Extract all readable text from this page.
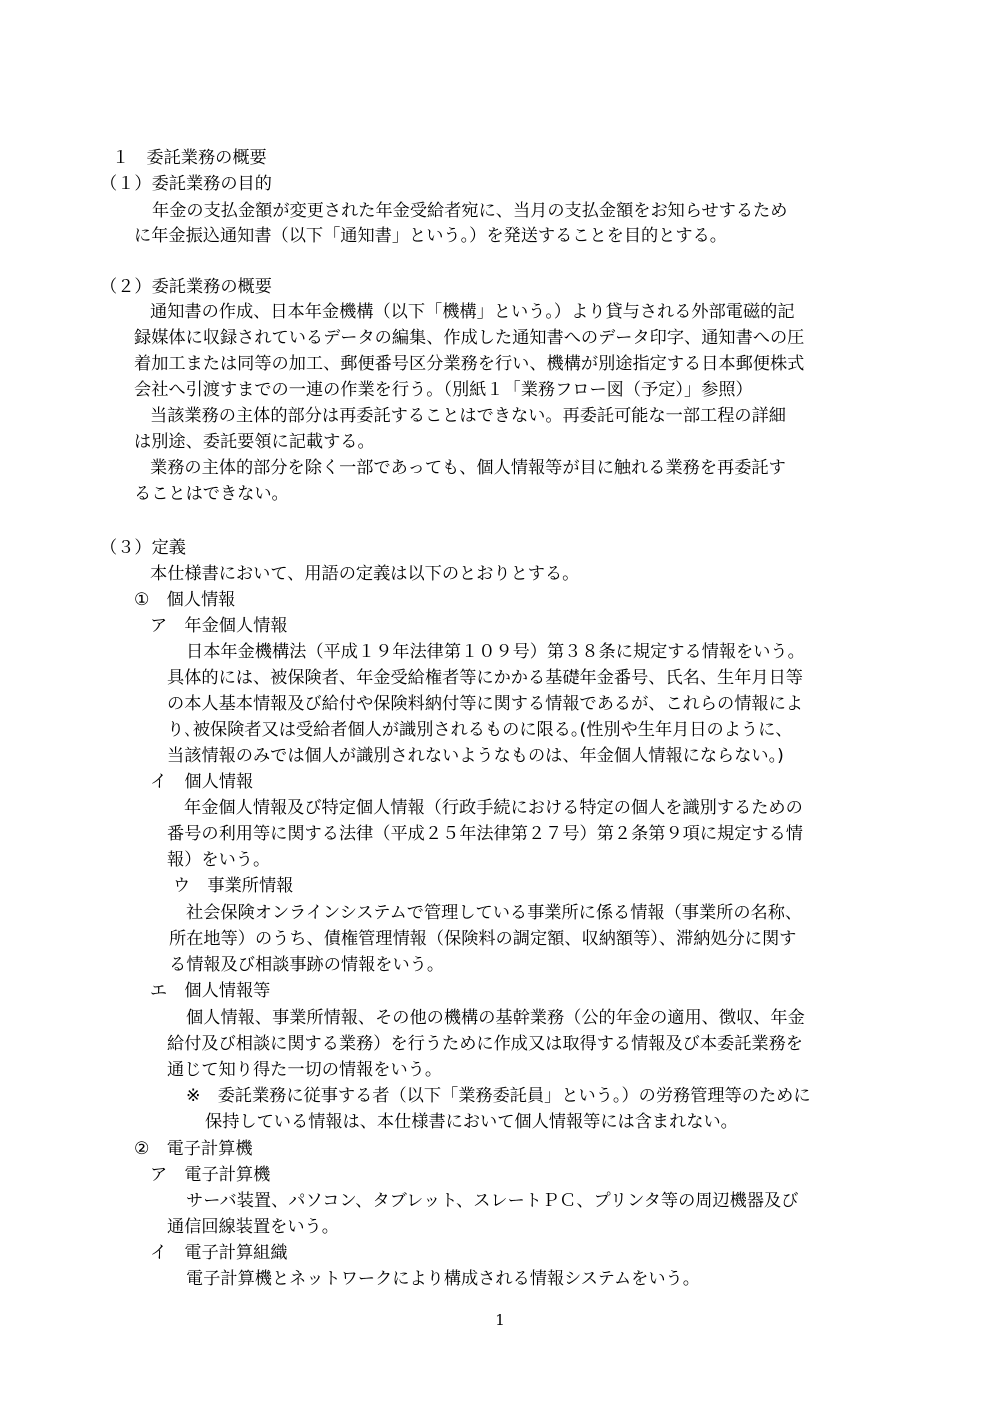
１　委託業務の概要
（１）委託業務の目的
年金の支払金額が変更された年金受給者宛に、当月の支払金額をお知らせするため
に年金振込通知書（以下「通知書」という。）を発送することを目的とする。
（２）委託業務の概要
通知書の作成、日本年金機構（以下「機構」という。）より貸与される外部電磁的記
録媒体に収録されているデータの編集、作成した通知書へのデータ印字、通知書への圧
着加工または同等の加工、郵便番号区分業務を行い、機構が別途指定する日本郵便株式
会社へ引渡すまでの一連の作業を行う。（別紙１「業務フロー図（予定）」参照）
当該業務の主体的部分は再委託することはできない。再委託可能な一部工程の詳細
は別途、委託要領に記載する。
業務の主体的部分を除く一部であっても、個人情報等が目に触れる業務を再委託す
ることはできない。
（３）定義
本仕様書において、用語の定義は以下のとおりとする。
①　個人情報
ア　年金個人情報
日本年金機構法（平成１９年法律第１０９号）第３８条に規定する情報をいう。
具体的には、被保険者、年金受給権者等にかかる基礎年金番号、氏名、生年月日等
の本人基本情報及び給付や保険料納付等に関する情報であるが、これらの情報によ
り､被保険者又は受給者個人が識別されるものに限る｡(性別や生年月日のように、
当該情報のみでは個人が識別されないようなものは、年金個人情報にならない。)
イ　個人情報
年金個人情報及び特定個人情報（行政手続における特定の個人を識別するための
番号の利用等に関する法律（平成２５年法律第２７号）第２条第９項に規定する情
報）をいう。
ウ　事業所情報
社会保険オンラインシステムで管理している事業所に係る情報（事業所の名称、
所在地等）のうち、債権管理情報（保険料の調定額、収納額等）、滞納処分に関す
る情報及び相談事跡の情報をいう。
エ　個人情報等
個人情報、事業所情報、その他の機構の基幹業務（公的年金の適用、徴収、年金
給付及び相談に関する業務）を行うために作成又は取得する情報及び本委託業務を
通じて知り得た一切の情報をいう。
※　委託業務に従事する者（以下「業務委託員」という。）の労務管理等のために
保持している情報は、本仕様書において個人情報等には含まれない。
②　電子計算機
ア　電子計算機
サーバ装置、パソコン、タブレット、スレートＰＣ、プリンタ等の周辺機器及び
通信回線装置をいう。
イ　電子計算組織
電子計算機とネットワークにより構成される情報システムをいう。
1
